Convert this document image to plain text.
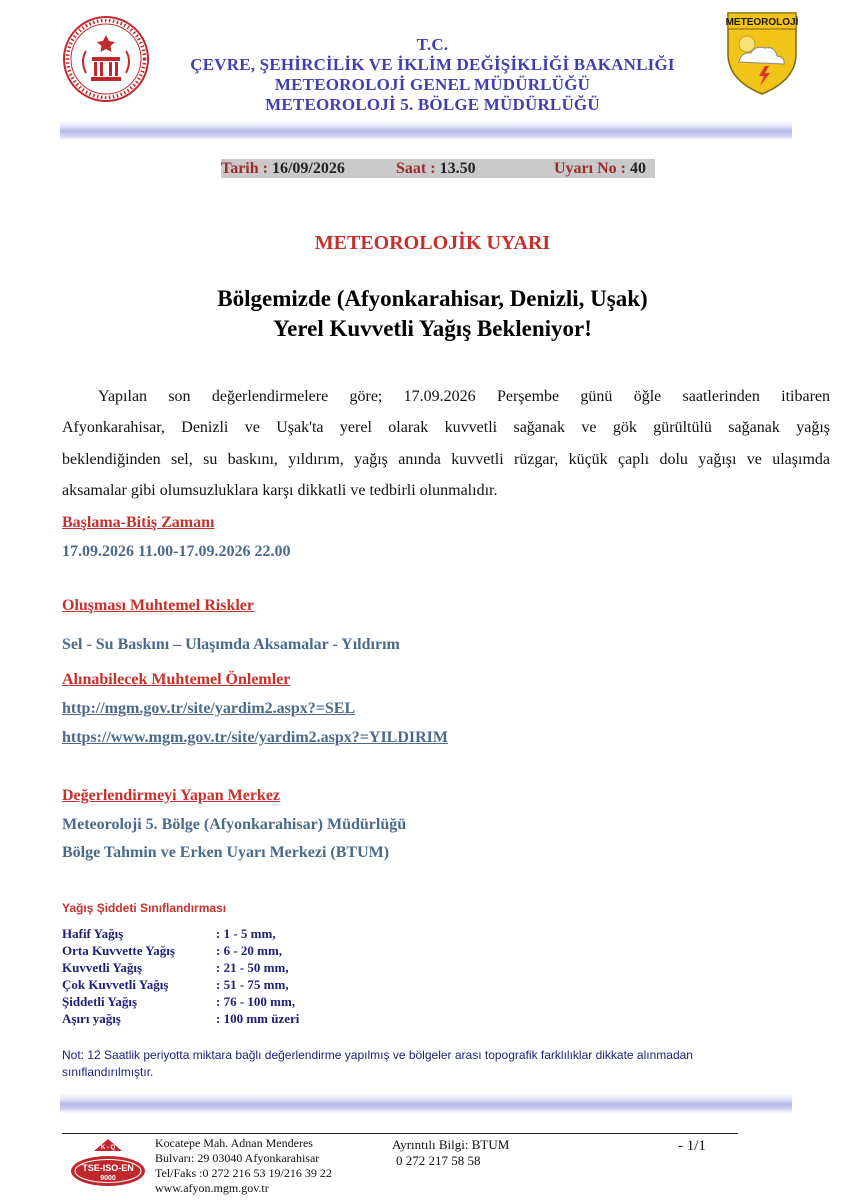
T.C.
ÇEVRE, ŞEHİRCİLİK VE İKLİM DEĞİŞİKLİĞİ BAKANLIĞI
METEOROLOJİ GENEL MÜDÜRLÜĞÜ
METEOROLOJİ 5. BÖLGE MÜDÜRLÜĞÜ
METEOROLOJİ
Tarih : 16/09/2026	Saat : 13.50	Uyarı No : 40
METEOROLOJİK UYARI
Bölgemizde (Afyonkarahisar, Denizli, Uşak)
Yerel Kuvvetli Yağış Bekleniyor!
Yapılan son değerlendirmelere göre; 17.09.2026 Perşembe günü öğle saatlerinden itibaren
Afyonkarahisar, Denizli ve Uşak'ta yerel olarak kuvvetli sağanak ve gök gürültülü sağanak yağış
beklendiğinden sel, su baskını, yıldırım, yağış anında kuvvetli rüzgar, küçük çaplı dolu yağışı ve ulaşımda
aksamalar gibi olumsuzluklara karşı dikkatli ve tedbirli olunmalıdır.
Başlama-Bitiş Zamanı
17.09.2026 11.00-17.09.2026 22.00
Oluşması Muhtemel Riskler
Sel - Su Baskını – Ulaşımda Aksamalar - Yıldırım
Alınabilecek Muhtemel Önlemler
http://mgm.gov.tr/site/yardim2.aspx?=SEL
https://www.mgm.gov.tr/site/yardim2.aspx?=YILDIRIM
Değerlendirmeyi Yapan Merkez
Meteoroloji 5. Bölge (Afyonkarahisar) Müdürlüğü
Bölge Tahmin ve Erken Uyarı Merkezi (BTUM)
Yağış Şiddeti Sınıflandırması
Hafif Yağış	: 1 - 5 mm,
Orta Kuvvette Yağış	: 6 - 20 mm,
Kuvvetli Yağış	: 21 - 50 mm,
Çok Kuvvetli Yağış	: 51 - 75 mm,
Şiddetli Yağış	: 76 - 100 mm,
Aşırı yağış	: 100 mm üzeri
Not: 12 Saatlik periyotta miktara bağlı değerlendirme yapılmış ve bölgeler arası topografik farklılıklar dikkate alınmadan
sınıflandırılmıştır.
K - Q
TSE-ISO-EN
9000
Kocatepe Mah. Adnan Menderes
Bulvarı: 29 03040 Afyonkarahisar
Tel/Faks :0 272 216 53 19/216 39 22
www.afyon.mgm.gov.tr
Ayrıntılı Bilgi: BTUM
0 272 217 58 58
- 1/1
